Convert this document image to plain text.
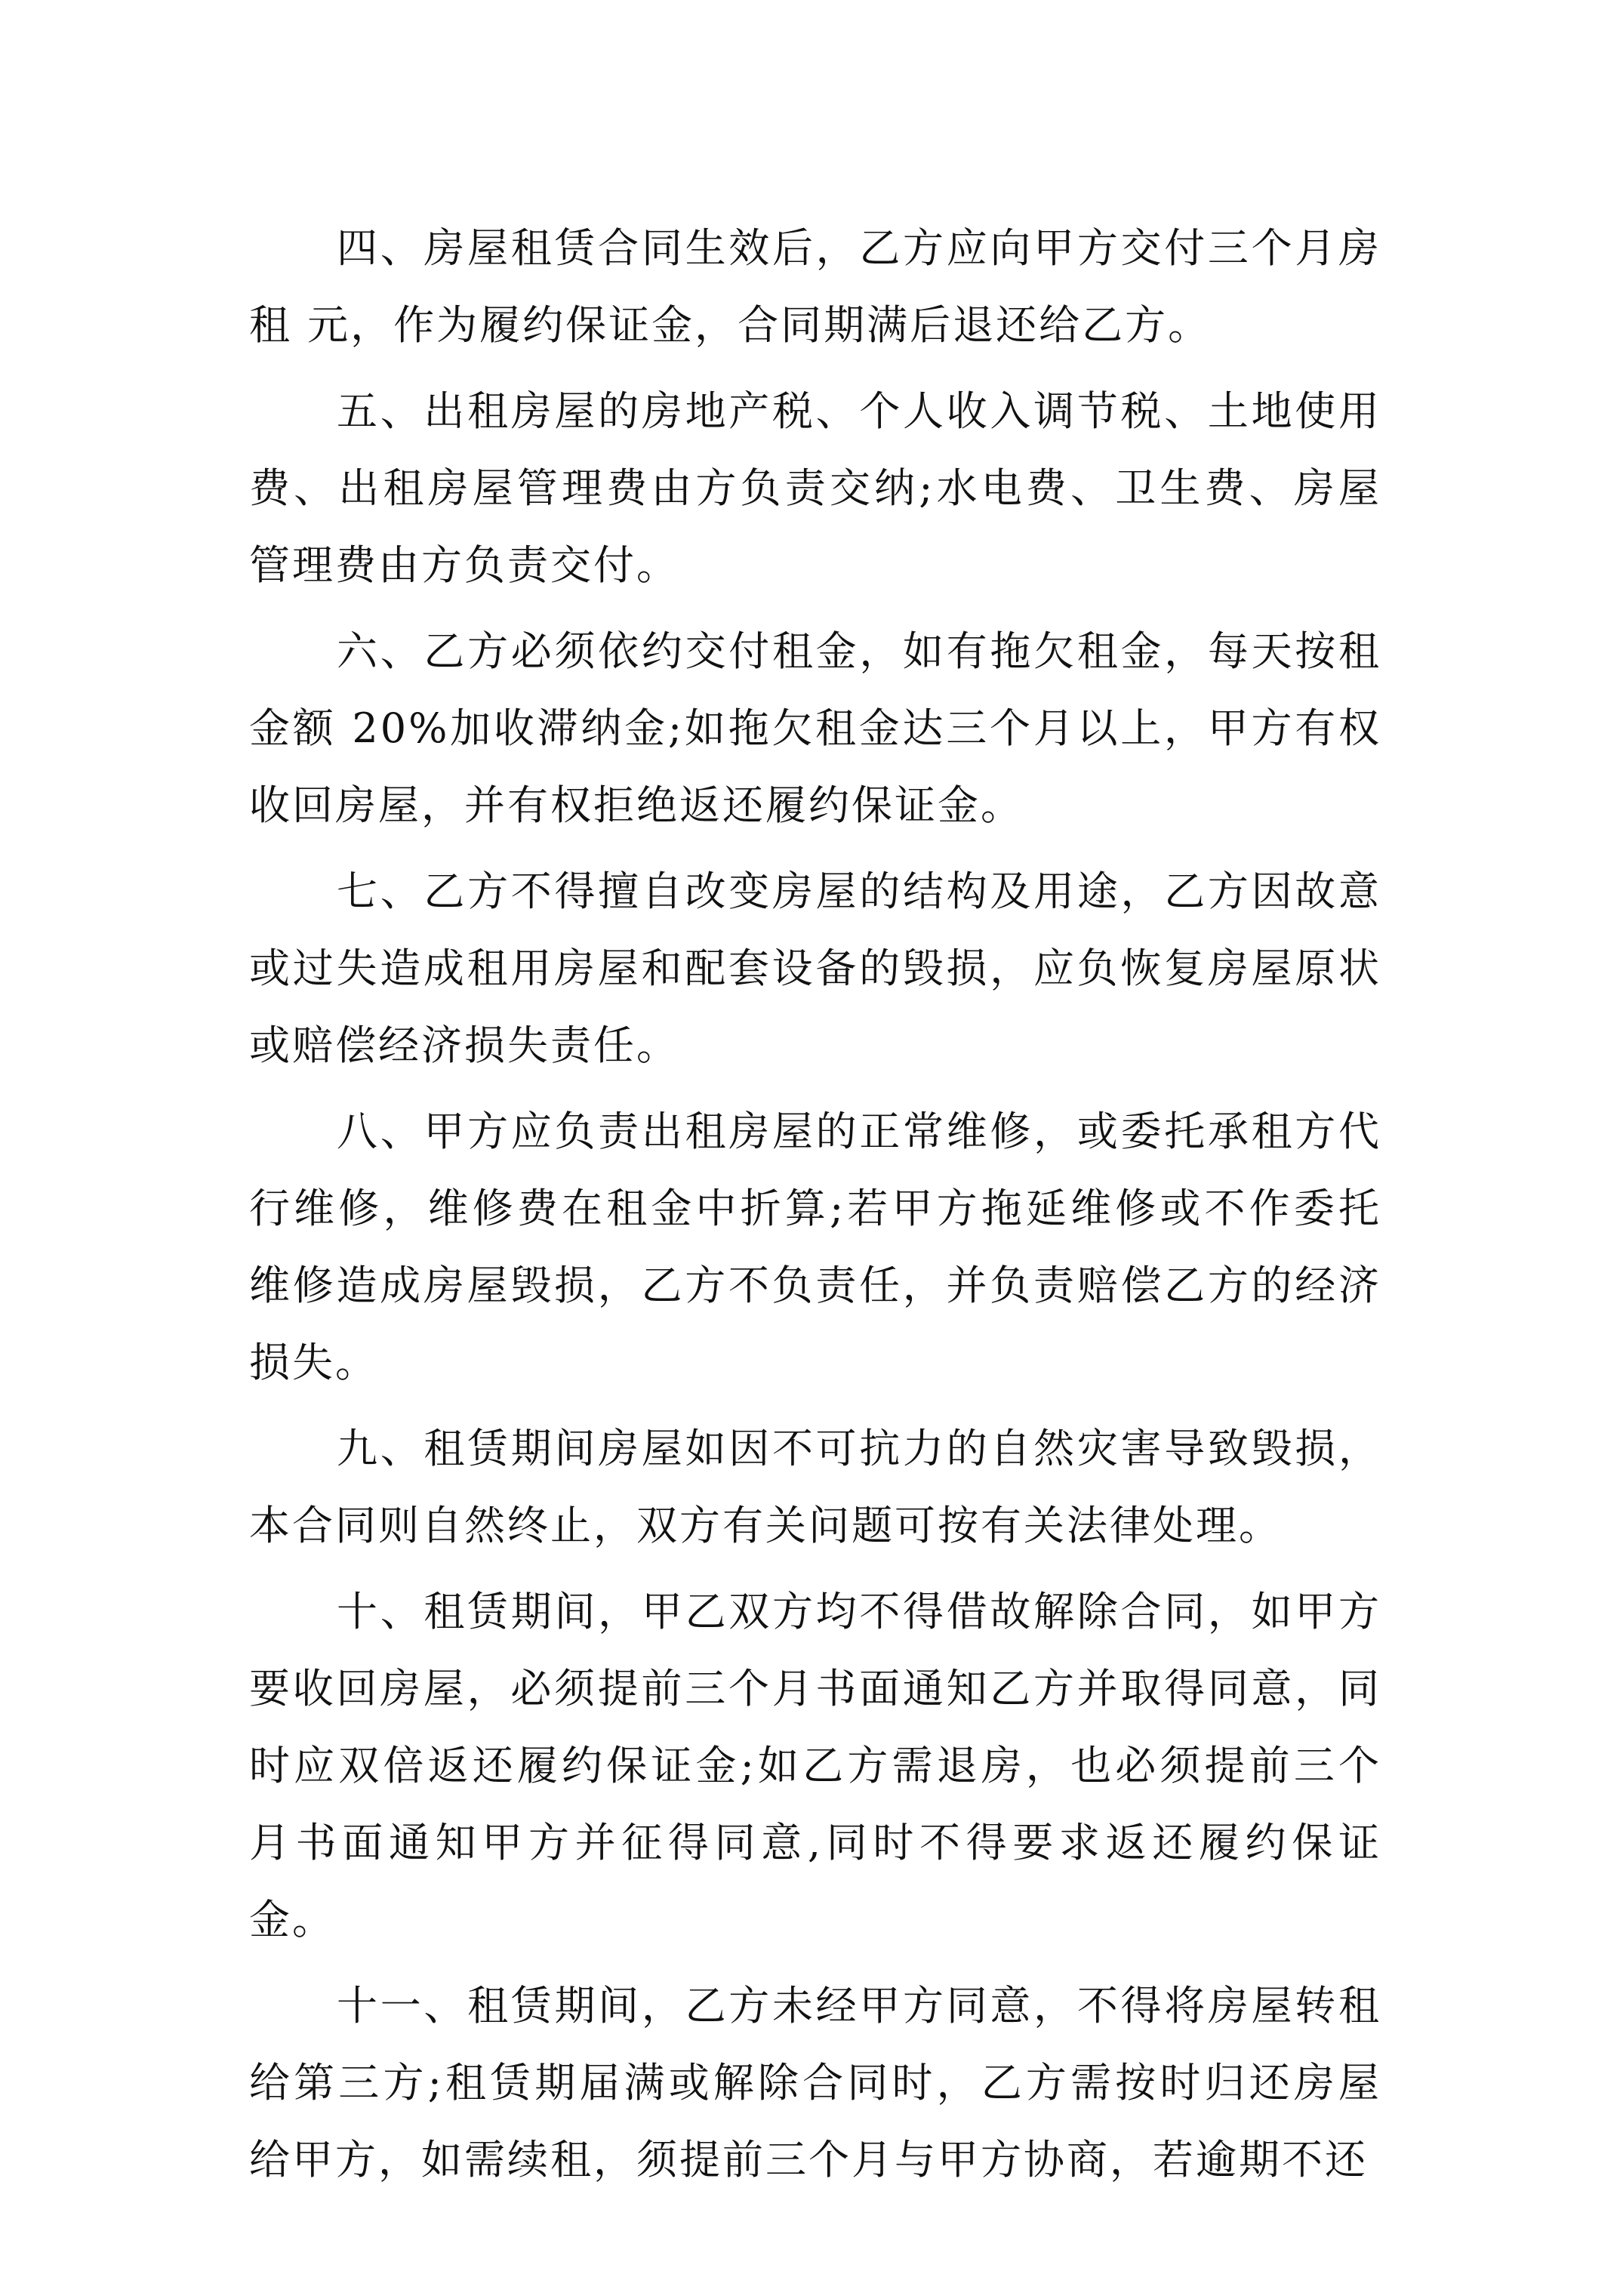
四、房屋租赁合同生效后，乙方应向甲方交付三个月房租 元，作为履约保证金，合同期满后退还给乙方。

五、出租房屋的房地产税、个人收入调节税、土地使用费、出租房屋管理费由方负责交纳;水电费、卫生费、房屋管理费由方负责交付。

六、乙方必须依约交付租金，如有拖欠租金，每天按租金额 20%加收滞纳金;如拖欠租金达三个月以上，甲方有权收回房屋，并有权拒绝返还履约保证金。

七、乙方不得擅自改变房屋的结构及用途，乙方因故意或过失造成租用房屋和配套设备的毁损，应负恢复房屋原状或赔偿经济损失责任。

八、甲方应负责出租房屋的正常维修，或委托承租方代行维修，维修费在租金中折算;若甲方拖延维修或不作委托维修造成房屋毁损，乙方不负责任，并负责赔偿乙方的经济损失。

九、租赁期间房屋如因不可抗力的自然灾害导致毁损，本合同则自然终止，双方有关问题可按有关法律处理。

十、租赁期间，甲乙双方均不得借故解除合同，如甲方要收回房屋，必须提前三个月书面通知乙方并取得同意，同时应双倍返还履约保证金;如乙方需退房，也必须提前三个月书面通知甲方并征得同意,同时不得要求返还履约保证金。

十一、租赁期间，乙方未经甲方同意，不得将房屋转租给第三方;租赁期届满或解除合同时，乙方需按时归还房屋给甲方，如需续租，须提前三个月与甲方协商，若逾期不还
